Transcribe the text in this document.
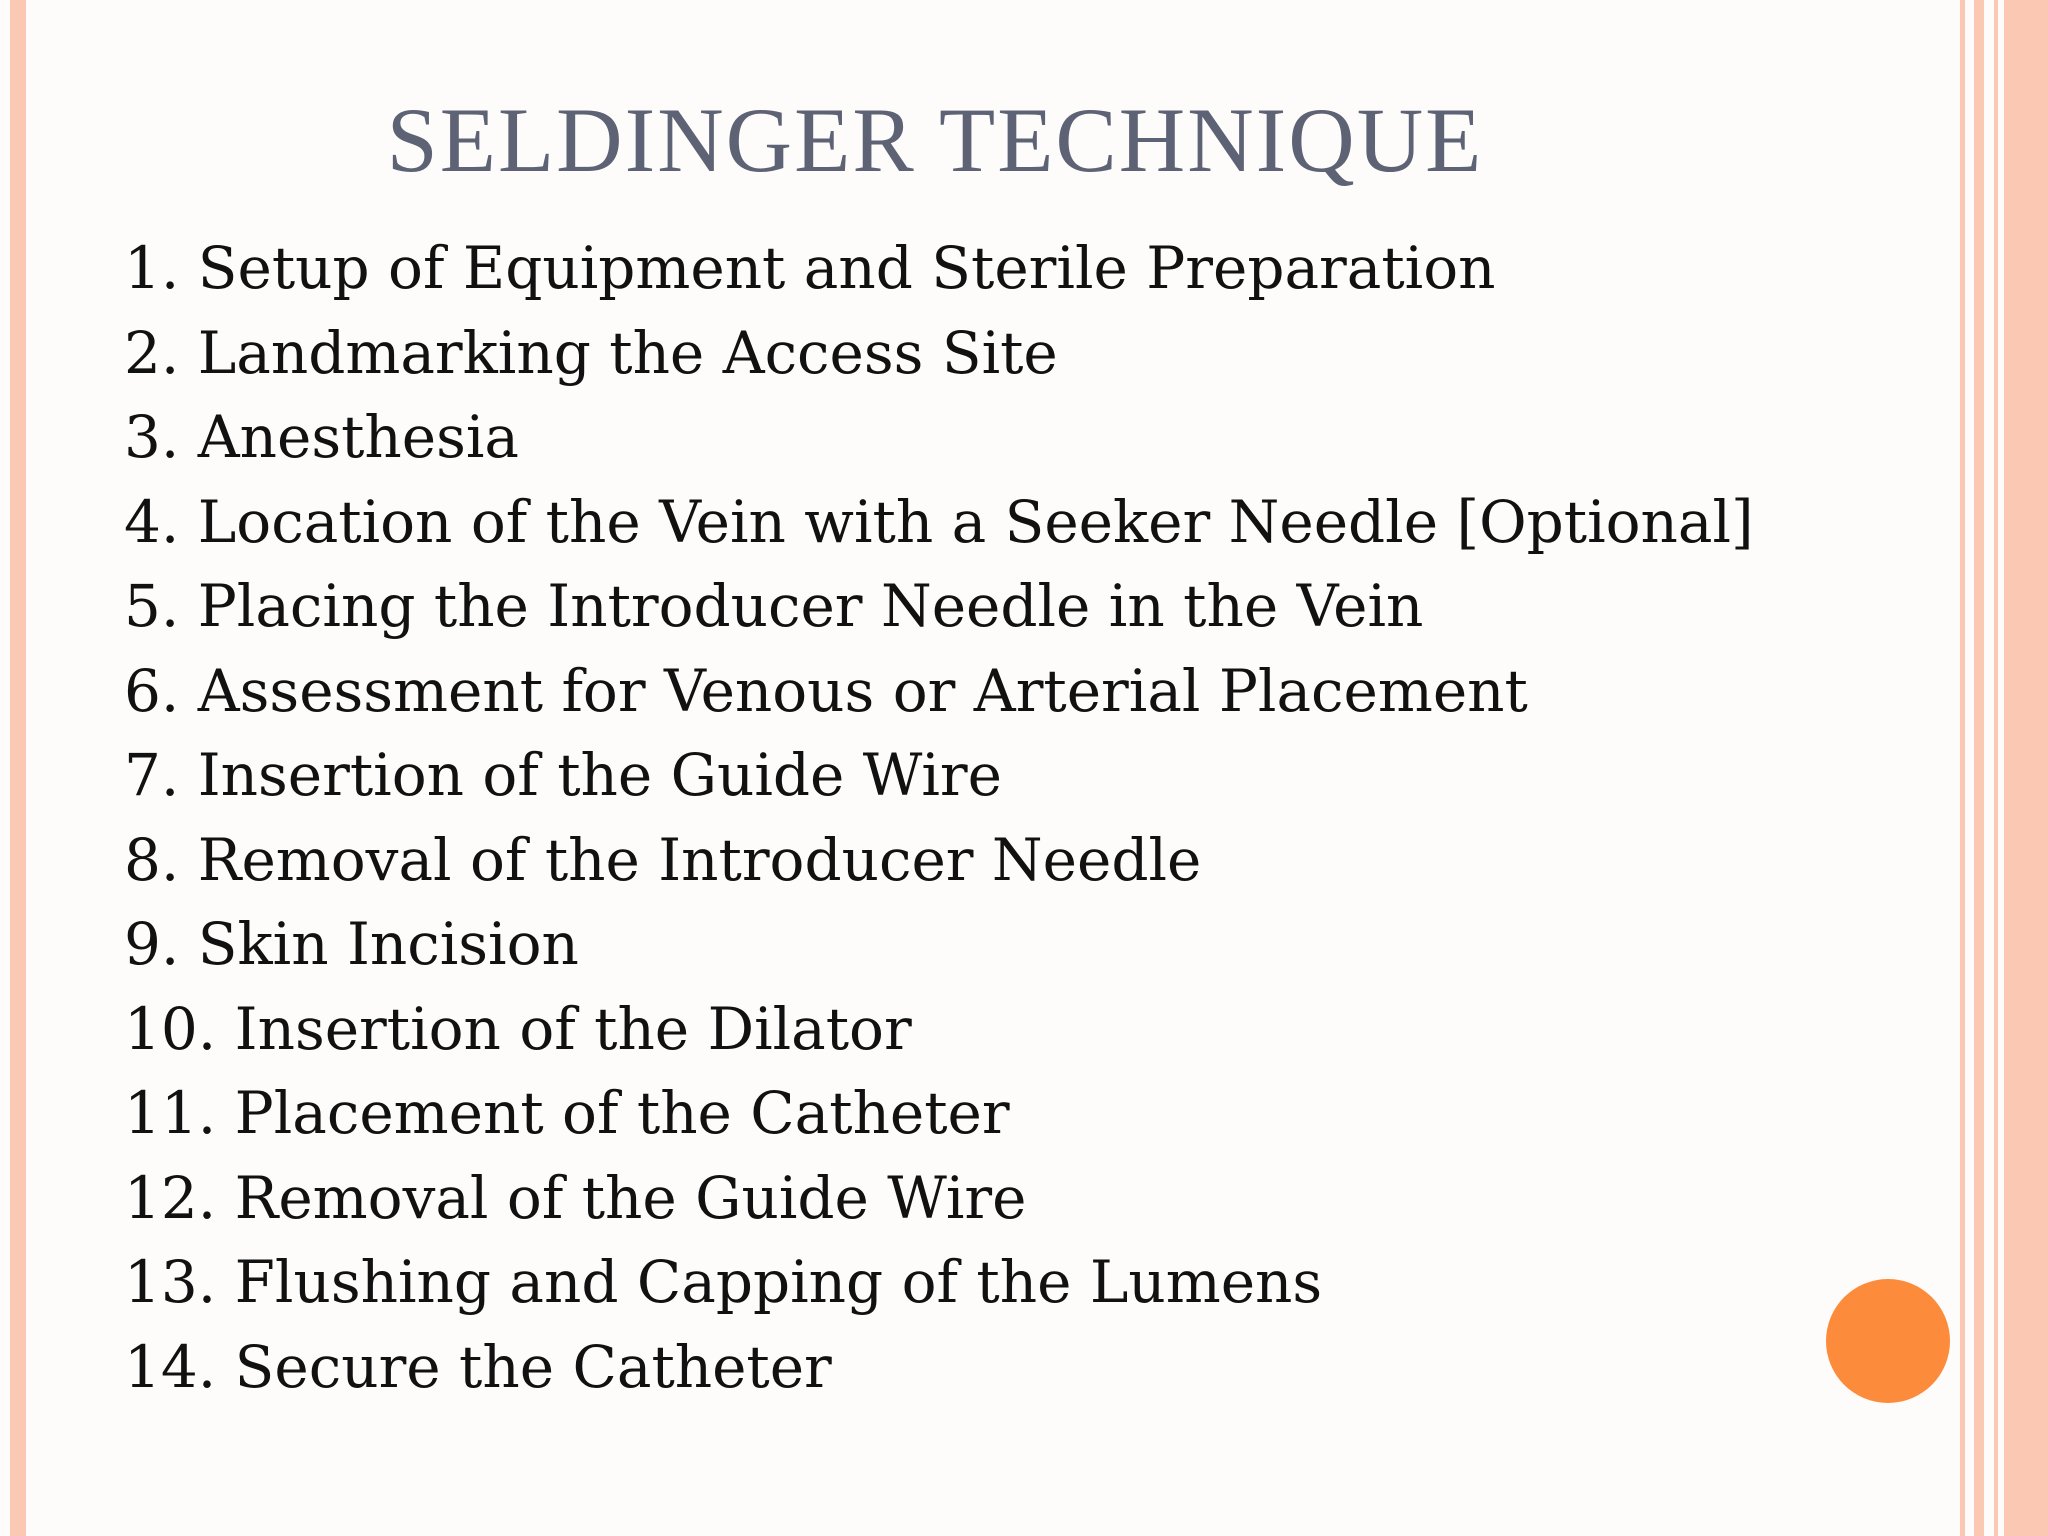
SELDINGER TECHNIQUE
1. Setup of Equipment and Sterile Preparation
2. Landmarking the Access Site
3. Anesthesia
4. Location of the Vein with a Seeker Needle [Optional]
5. Placing the Introducer Needle in the Vein
6. Assessment for Venous or Arterial Placement
7. Insertion of the Guide Wire
8. Removal of the Introducer Needle
9. Skin Incision
10. Insertion of the Dilator
11. Placement of the Catheter
12. Removal of the Guide Wire
13. Flushing and Capping of the Lumens
14. Secure the Catheter
